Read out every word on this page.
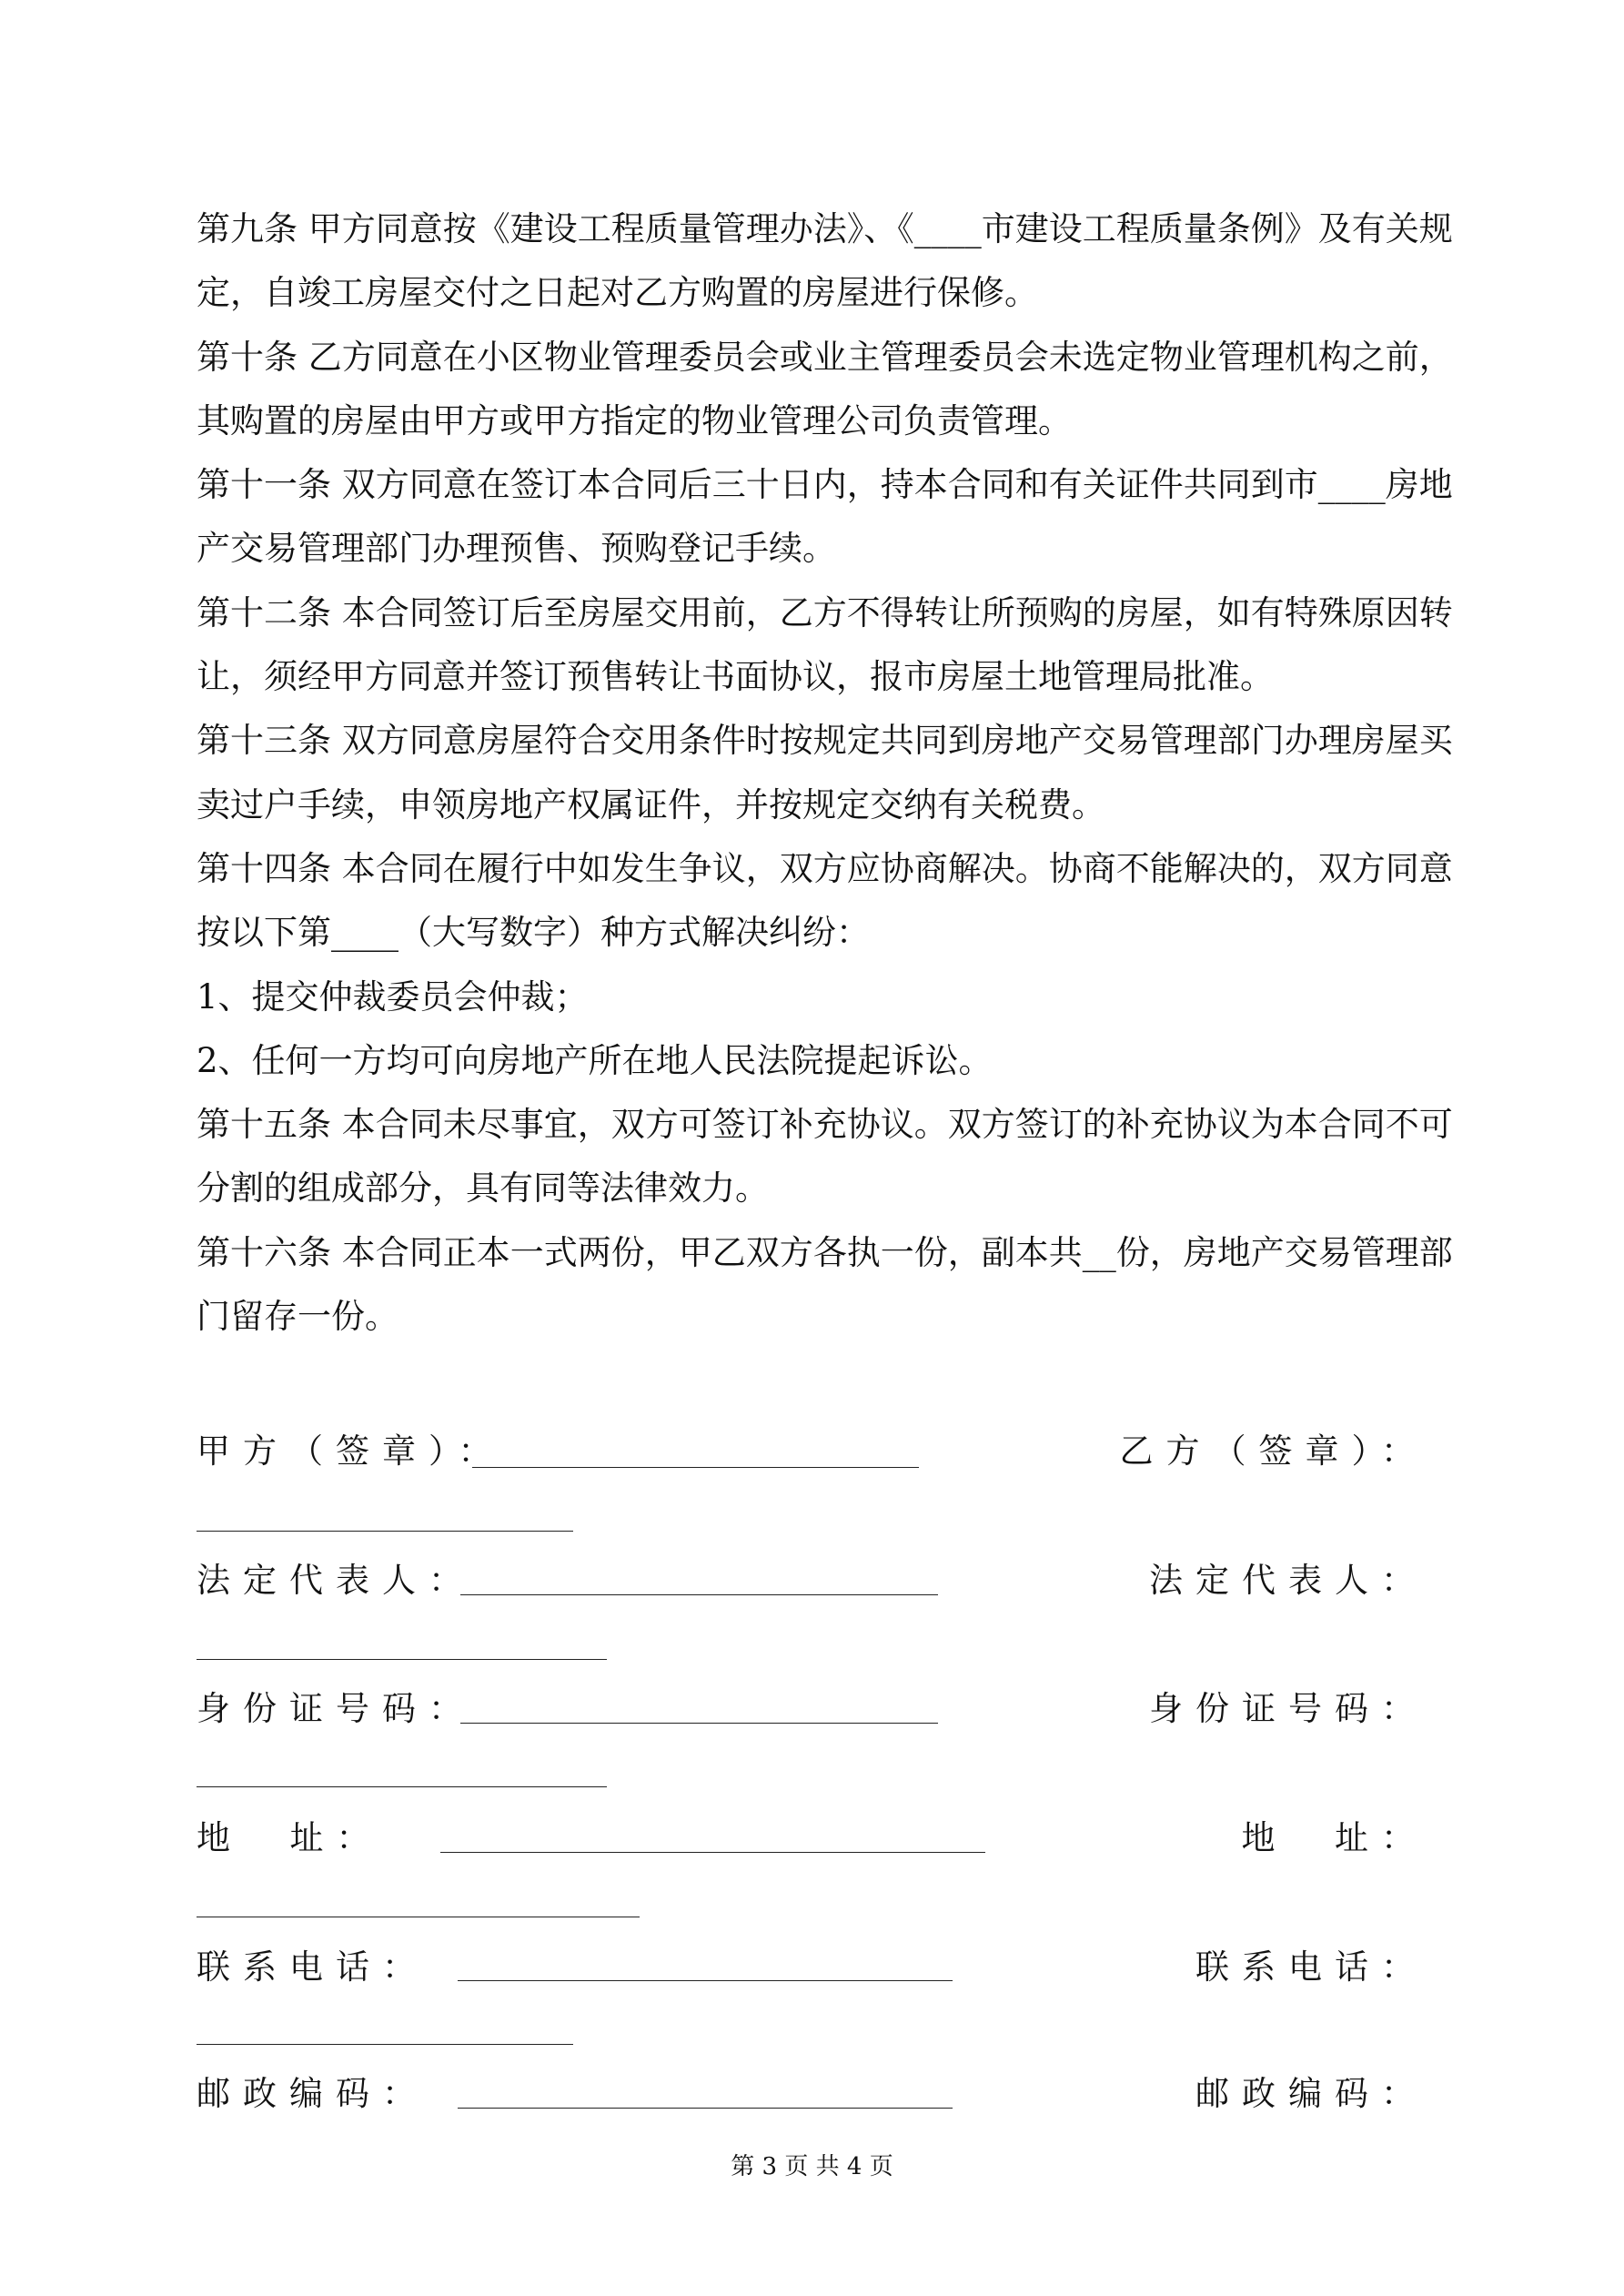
第九条 甲方同意按《建设工程质量管理办法》、《____市建设工程质量条例》及有关规
定，自竣工房屋交付之日起对乙方购置的房屋进行保修。
第十条 乙方同意在小区物业管理委员会或业主管理委员会未选定物业管理机构之前，
其购置的房屋由甲方或甲方指定的物业管理公司负责管理。
第十一条 双方同意在签订本合同后三十日内，持本合同和有关证件共同到市____房地
产交易管理部门办理预售、预购登记手续。
第十二条 本合同签订后至房屋交用前，乙方不得转让所预购的房屋，如有特殊原因转
让，须经甲方同意并签订预售转让书面协议，报市房屋土地管理局批准。
第十三条 双方同意房屋符合交用条件时按规定共同到房地产交易管理部门办理房屋买
卖过户手续，申领房地产权属证件，并按规定交纳有关税费。
第十四条 本合同在履行中如发生争议，双方应协商解决。协商不能解决的，双方同意
按以下第____（大写数字）种方式解决纠纷：
1、提交仲裁委员会仲裁；
2、任何一方均可向房地产所在地人民法院提起诉讼。
第十五条 本合同未尽事宜，双方可签订补充协议。双方签订的补充协议为本合同不可
分割的组成部分，具有同等法律效力。
第十六条 本合同正本一式两份，甲乙双方各执一份，副本共__份，房地产交易管理部
门留存一份。
甲方（签章）：	乙方（签章）：
法定代表人：	法定代表人：
身份证号码：	身份证号码：
地  址：	地  址：
联系电话：	联系电话：
邮政编码：	邮政编码：
第 3 页 共 4 页
